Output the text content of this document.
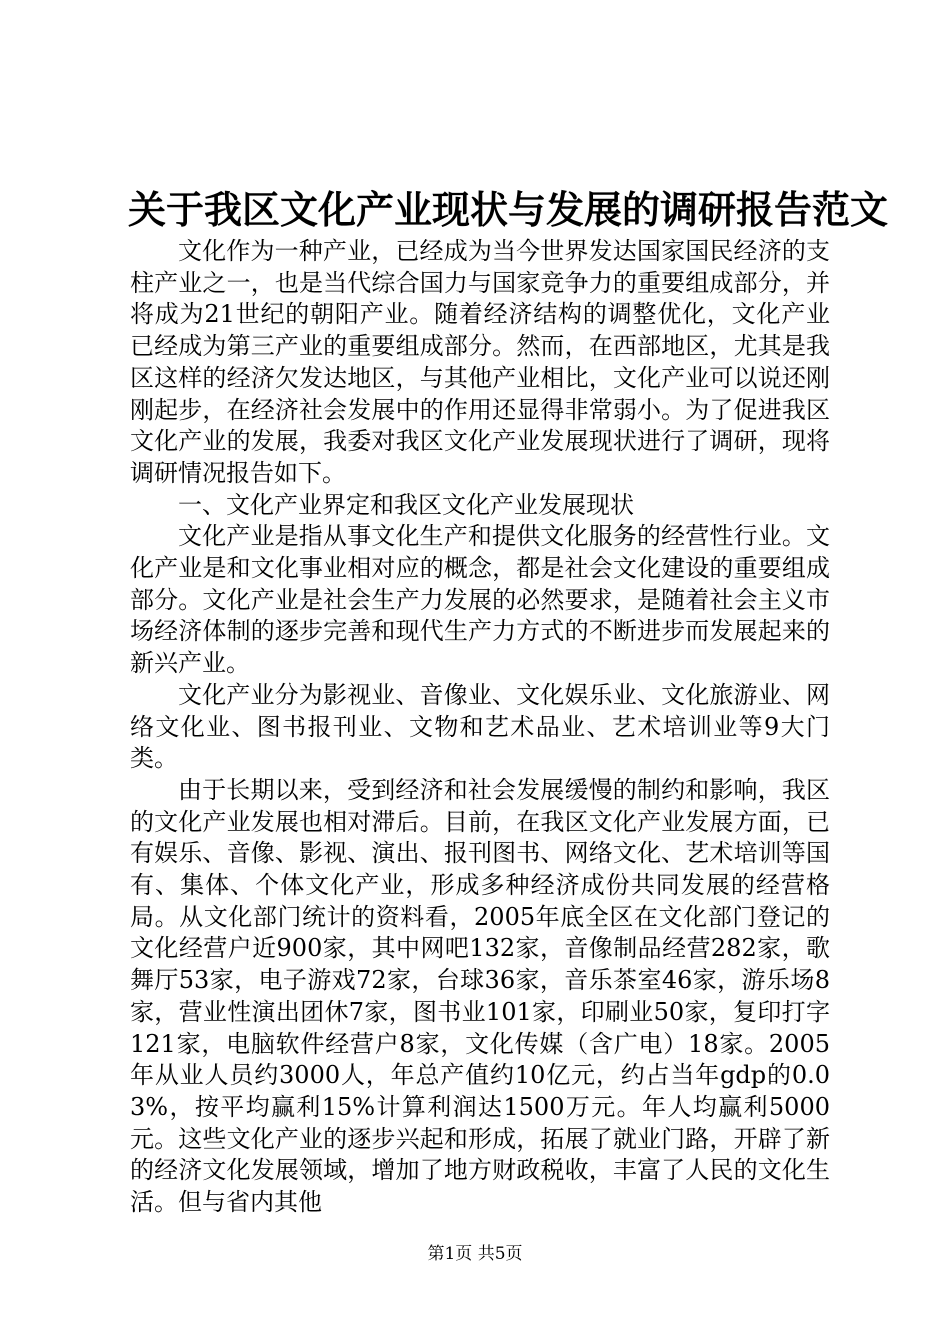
关于我区文化产业现状与发展的调研报告范文

文化作为一种产业，已经成为当今世界发达国家国民经济的支柱产业之一，也是当代综合国力与国家竞争力的重要组成部分，并将成为21世纪的朝阳产业。随着经济结构的调整优化，文化产业已经成为第三产业的重要组成部分。然而，在西部地区，尤其是我区这样的经济欠发达地区，与其他产业相比，文化产业可以说还刚刚起步，在经济社会发展中的作用还显得非常弱小。为了促进我区文化产业的发展，我委对我区文化产业发展现状进行了调研，现将调研情况报告如下。

一、文化产业界定和我区文化产业发展现状

文化产业是指从事文化生产和提供文化服务的经营性行业。文化产业是和文化事业相对应的概念，都是社会文化建设的重要组成部分。文化产业是社会生产力发展的必然要求，是随着社会主义市场经济体制的逐步完善和现代生产力方式的不断进步而发展起来的新兴产业。

文化产业分为影视业、音像业、文化娱乐业、文化旅游业、网络文化业、图书报刊业、文物和艺术品业、艺术培训业等9大门类。

由于长期以来，受到经济和社会发展缓慢的制约和影响，我区的文化产业发展也相对滞后。目前，在我区文化产业发展方面，已有娱乐、音像、影视、演出、报刊图书、网络文化、艺术培训等国有、集体、个体文化产业，形成多种经济成份共同发展的经营格局。从文化部门统计的资料看，2005年底全区在文化部门登记的文化经营户近900家，其中网吧132家，音像制品经营282家，歌舞厅53家，电子游戏72家，台球36家，音乐茶室46家，游乐场8家，营业性演出团休7家，图书业101家，印刷业50家，复印打字121家，电脑软件经营户8家，文化传媒（含广电）18家。2005年从业人员约3000人，年总产值约10亿元，约占当年gdp的0.03%，按平均赢利15%计算利润达1500万元。年人均赢利5000元。这些文化产业的逐步兴起和形成，拓展了就业门路，开辟了新的经济文化发展领域，增加了地方财政税收，丰富了人民的文化生活。但与省内其他

第1页 共5页
